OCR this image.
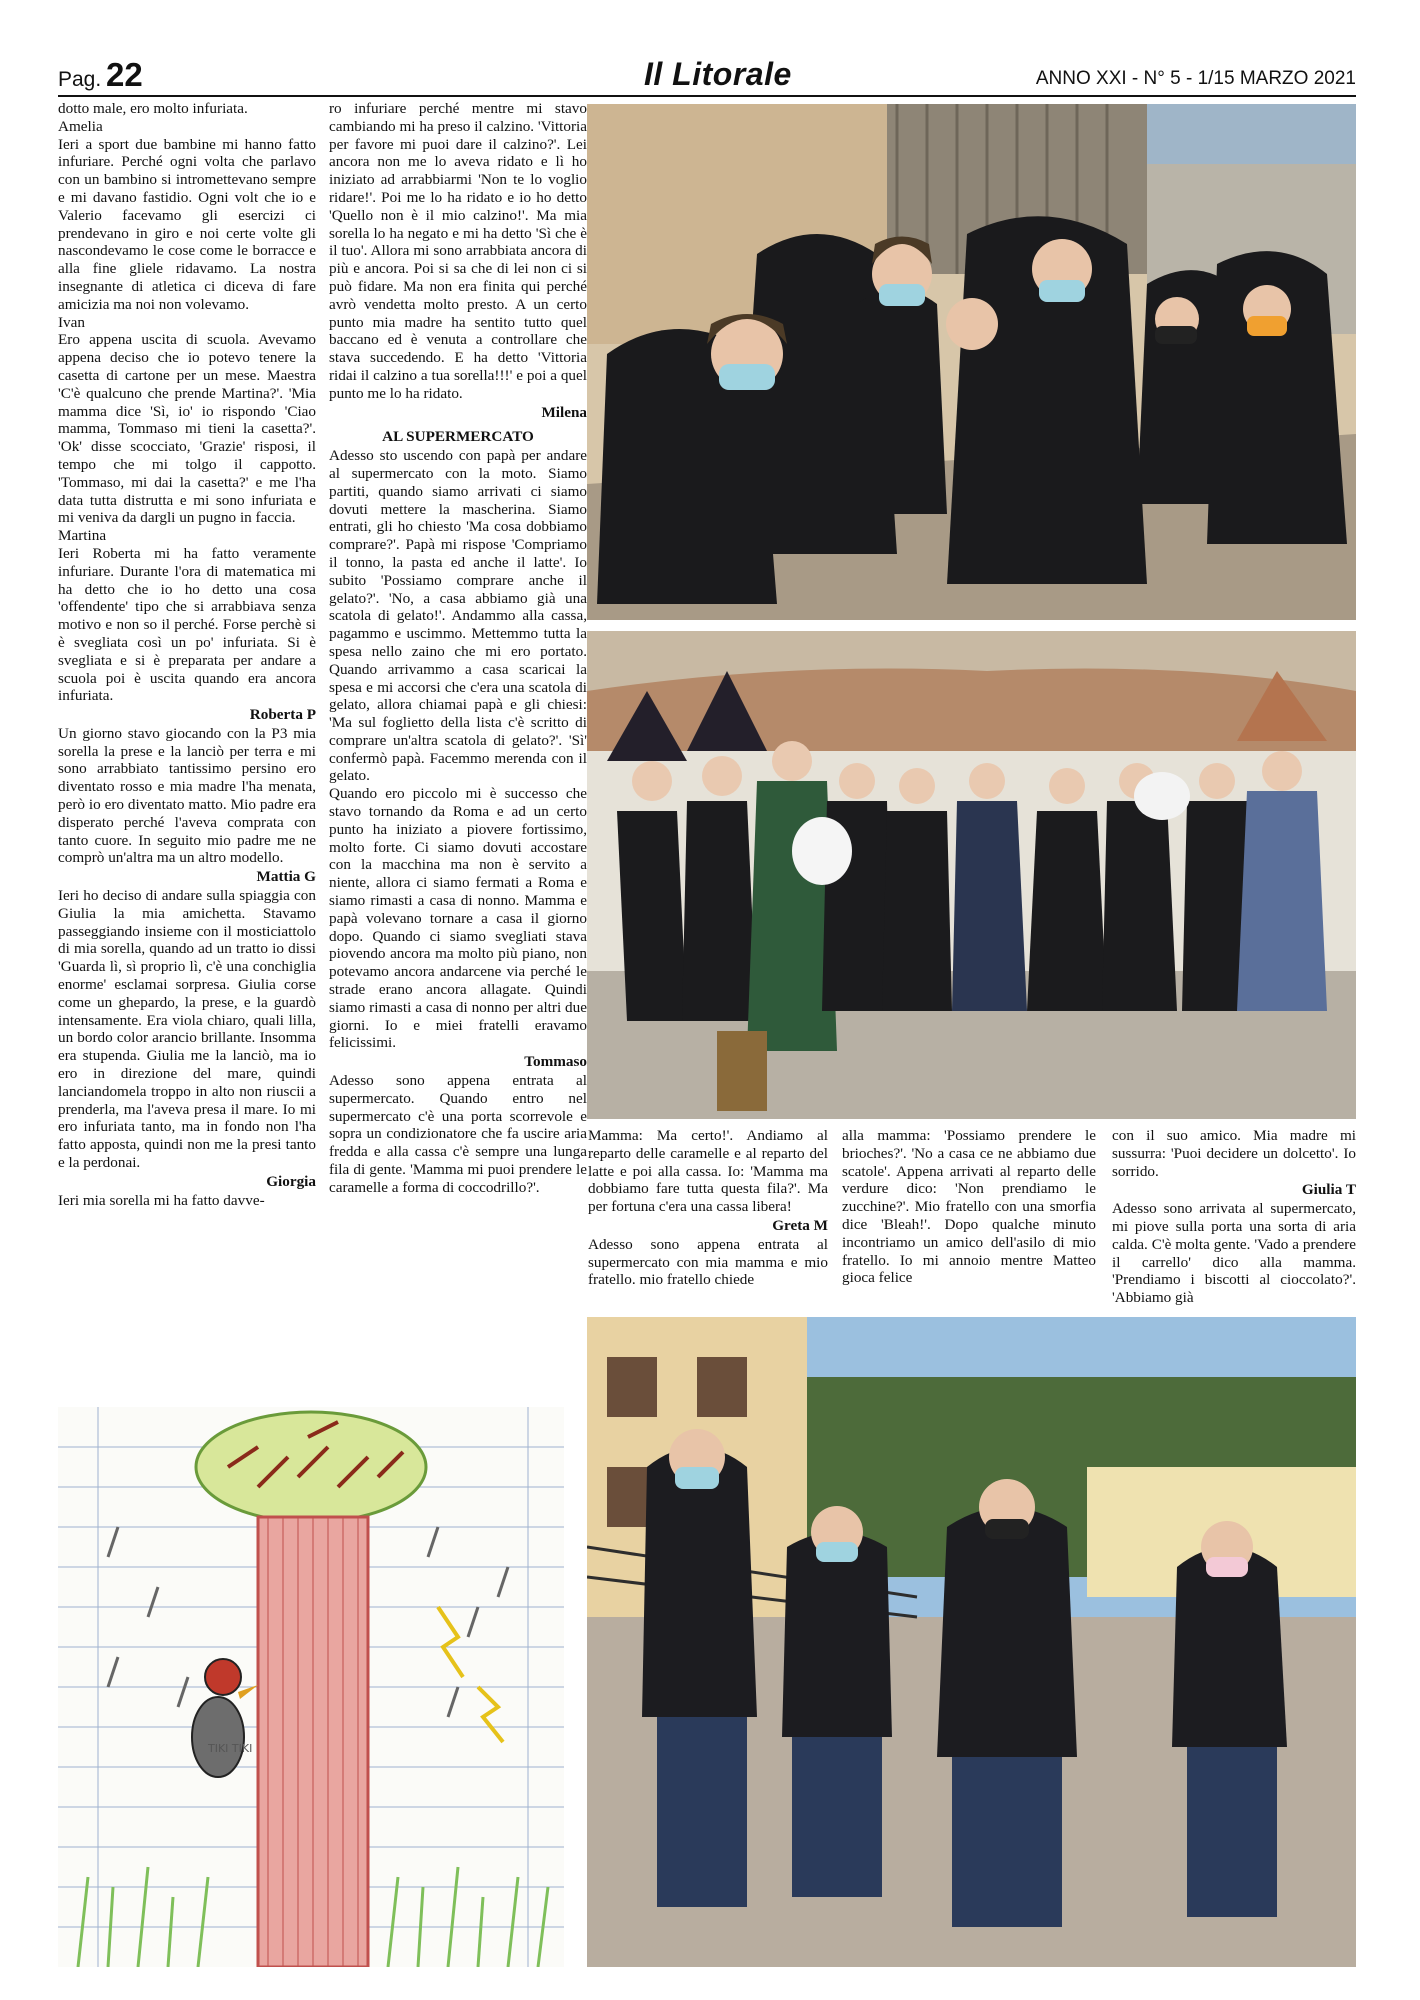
Pag. 22	Il Litorale	ANNO XXI - N° 5 - 1/15 MARZO 2021

dotto male, ero molto infuriata.

Amelia

Ieri a sport due bambine mi hanno fatto infuriare. Perché ogni volta che parlavo con un bambino si intromettevano sempre e mi davano fastidio. Ogni volt che io e Valerio facevamo gli esercizi ci prendevano in giro e noi certe volte gli nascondevamo le cose come le borracce e alla fine gliele ridavamo. La nostra insegnante di atletica ci diceva di fare amicizia ma noi non volevamo.

Ivan

Ero appena uscita di scuola. Avevamo appena deciso che io potevo tenere la casetta di cartone per un mese. Maestra 'C'è qualcuno che prende Martina?'. 'Mia mamma dice 'Sì, io' io rispondo 'Ciao mamma, Tommaso mi tieni la casetta?'. 'Ok' disse scocciato, 'Grazie' risposi, il tempo che mi tolgo il cappotto. 'Tommaso, mi dai la casetta?' e me l'ha data tutta distrutta e mi sono infuriata e mi veniva da dargli un pugno in faccia.

Martina

Ieri Roberta mi ha fatto veramente infuriare. Durante l'ora di matematica mi ha detto che io ho detto una cosa 'offendente' tipo che si arrabbiava senza motivo e non so il perché. Forse perchè si è svegliata così un po' infuriata. Si è svegliata e si è preparata per andare a scuola poi è uscita quando era ancora infuriata.

Roberta P

Un giorno stavo giocando con la P3 mia sorella la prese e la lanciò per terra e mi sono arrabbiato tantissimo persino ero diventato rosso e mia madre l'ha menata, però io ero diventato matto. Mio padre era disperato perché l'aveva comprata con tanto cuore. In seguito mio padre me ne comprò un'altra ma un altro modello.

Mattia G

Ieri ho deciso di andare sulla spiaggia con Giulia la mia amichetta. Stavamo passeggiando insieme con il mosticiattolo di mia sorella, quando ad un tratto io dissi 'Guarda lì, sì proprio lì, c'è una conchiglia enorme' esclamai sorpresa. Giulia corse come un ghepardo, la prese, e la guardò intensamente. Era viola chiaro, quali lilla, un bordo color arancio brillante. Insomma era stupenda. Giulia me la lanciò, ma io ero in direzione del mare, quindi lanciandomela troppo in alto non riuscii a prenderla, ma l'aveva presa il mare. Io mi ero infuriata tanto, ma in fondo non l'ha fatto apposta, quindi non me la presi tanto e la perdonai.

Giorgia

Ieri mia sorella mi ha fatto davve-

ro infuriare perché mentre mi stavo cambiando mi ha preso il calzino. 'Vittoria per favore mi puoi dare il calzino?'. Lei ancora non me lo aveva ridato e lì ho iniziato ad arrabbiarmi 'Non te lo voglio ridare!'. Poi me lo ha ridato e io ho detto 'Quello non è il mio calzino!'. Ma mia sorella lo ha negato e mi ha detto 'Sì che è il tuo'. Allora mi sono arrabbiata ancora di più e ancora. Poi si sa che di lei non ci si può fidare. Ma non era finita qui perché avrò vendetta molto presto. A un certo punto mia madre ha sentito tutto quel baccano ed è venuta a controllare che stava succedendo. E ha detto 'Vittoria ridai il calzino a tua sorella!!!' e poi a quel punto me lo ha ridato.

Milena

AL SUPERMERCATO

Adesso sto uscendo con papà per andare al supermercato con la moto. Siamo partiti, quando siamo arrivati ci siamo dovuti mettere la mascherina. Siamo entrati, gli ho chiesto 'Ma cosa dobbiamo comprare?'. Papà mi rispose 'Compriamo il tonno, la pasta ed anche il latte'. Io subito 'Possiamo comprare anche il gelato?'. 'No, a casa abbiamo già una scatola di gelato!'. Andammo alla cassa, pagammo e uscimmo. Mettemmo tutta la spesa nello zaino che mi ero portato. Quando arrivammo a casa scaricai la spesa e mi accorsi che c'era una scatola di gelato, allora chiamai papà e gli chiesi: 'Ma sul foglietto della lista c'è scritto di comprare un'altra scatola di gelato?'. 'Sì' confermò papà. Facemmo merenda con il gelato.

Quando ero piccolo mi è successo che stavo tornando da Roma e ad un certo punto ha iniziato a piovere fortissimo, molto forte. Ci siamo dovuti accostare con la macchina ma non è servito a niente, allora ci siamo fermati a Roma e siamo rimasti a casa di nonno. Mamma e papà volevano tornare a casa il giorno dopo. Quando ci siamo svegliati stava piovendo ancora ma molto più piano, non potevamo ancora andarcene via perché le strade erano ancora allagate. Quindi siamo rimasti a casa di nonno per altri due giorni. Io e miei fratelli eravamo felicissimi.

Tommaso

Adesso sono appena entrata al supermercato. Quando entro nel supermercato c'è una porta scorrevole e sopra un condizionatore che fa uscire aria fredda e alla cassa c'è sempre una lunga fila di gente. 'Mamma mi puoi prendere le caramelle a forma di coccodrillo?'.

Mamma: Ma certo!'. Andiamo al reparto delle caramelle e al reparto del latte e poi alla cassa. Io: 'Mamma ma dobbiamo fare tutta questa fila?'. Ma per fortuna c'era una cassa libera!

Greta M

Adesso sono appena entrata al supermercato con mia mamma e mio fratello. mio fratello chiede

alla mamma: 'Possiamo prendere le brioches?'. 'No a casa ce ne abbiamo due scatole'. Appena arrivati al reparto delle verdure dico: 'Non prendiamo le zucchine?'. Mio fratello con una smorfia dice 'Bleah!'. Dopo qualche minuto incontriamo un amico dell'asilo di mio fratello. Io mi annoio mentre Matteo gioca felice

con il suo amico. Mia madre mi sussurra: 'Puoi decidere un dolcetto'. Io sorrido.

Giulia T

Adesso sono arrivata al supermercato, mi piove sulla porta una sorta di aria calda. C'è molta gente. 'Vado a prendere il carrello' dico alla mamma. 'Prendiamo i biscotti al cioccolato?'. 'Abbiamo già

TIKI TIKI
